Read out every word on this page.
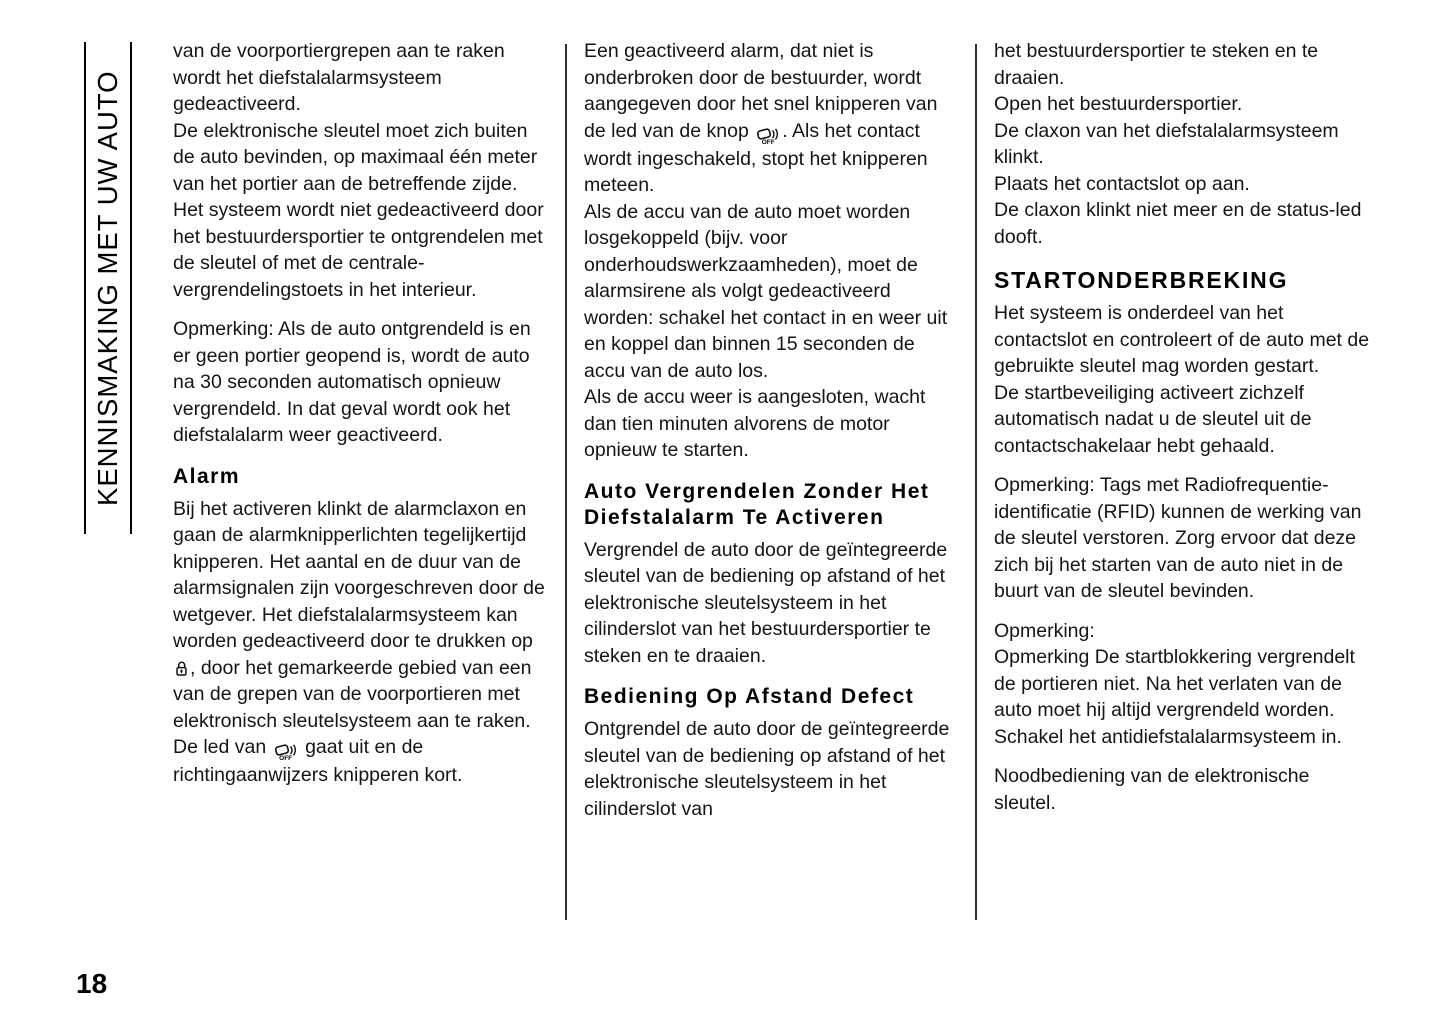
KENNISMAKING MET UW AUTO

van de voorportiergrepen aan te raken wordt het diefstalalarmsysteem gedeactiveerd.

De elektronische sleutel moet zich buiten de auto bevinden, op maximaal één meter van het portier aan de betreffende zijde.

Het systeem wordt niet gedeactiveerd door het bestuurdersportier te ontgrendelen met de sleutel of met de centrale-vergrendelingstoets in het interieur.

Opmerking: Als de auto ontgrendeld is en er geen portier geopend is, wordt de auto na 30 seconden automatisch opnieuw vergrendeld. In dat geval wordt ook het diefstalalarm weer geactiveerd.

Alarm

Bij het activeren klinkt de alarmclaxon en gaan de alarmknipperlichten tegelijkertijd knipperen. Het aantal en de duur van de alarmsignalen zijn voorgeschreven door de wetgever. Het diefstalalarmsysteem kan worden gedeactiveerd door te drukken op , door het gemarkeerde gebied van een van de grepen van de voorportieren met elektronisch sleutelsysteem aan te raken. De led van
OFF
gaat uit en de richtingaanwijzers knipperen kort.

Een geactiveerd alarm, dat niet is onderbroken door de bestuurder, wordt aangegeven door het snel knipperen van de led van de knop
OFF
. Als het contact wordt ingeschakeld, stopt het knipperen meteen.

Als de accu van de auto moet worden losgekoppeld (bijv. voor onderhoudswerkzaamheden), moet de alarmsirene als volgt gedeactiveerd worden: schakel het contact in en weer uit en koppel dan binnen 15 seconden de accu van de auto los.

Als de accu weer is aangesloten, wacht dan tien minuten alvorens de motor opnieuw te starten.

Auto Vergrendelen Zonder Het Diefstalalarm Te Activeren

Vergrendel de auto door de geïntegreerde sleutel van de bediening op afstand of het elektronische sleutelsysteem in het cilinderslot van het bestuurdersportier te steken en te draaien.

Bediening Op Afstand Defect

Ontgrendel de auto door de geïntegreerde sleutel van de bediening op afstand of het elektronische sleutelsysteem in het cilinderslot van

het bestuurdersportier te steken en te draaien.

Open het bestuurdersportier.

De claxon van het diefstalalarmsysteem klinkt.

Plaats het contactslot op aan.

De claxon klinkt niet meer en de status-led dooft.

STARTONDERBREKING

Het systeem is onderdeel van het contactslot en controleert of de auto met de gebruikte sleutel mag worden gestart.

De startbeveiliging activeert zichzelf automatisch nadat u de sleutel uit de contactschakelaar hebt gehaald.

Opmerking: Tags met Radiofrequentie-identificatie (RFID) kunnen de werking van de sleutel verstoren. Zorg ervoor dat deze zich bij het starten van de auto niet in de buurt van de sleutel bevinden.

Opmerking:

Opmerking De startblokkering vergrendelt de portieren niet. Na het verlaten van de auto moet hij altijd vergrendeld worden.

Schakel het antidiefstalalarmsysteem in.

Noodbediening van de elektronische sleutel.

18
